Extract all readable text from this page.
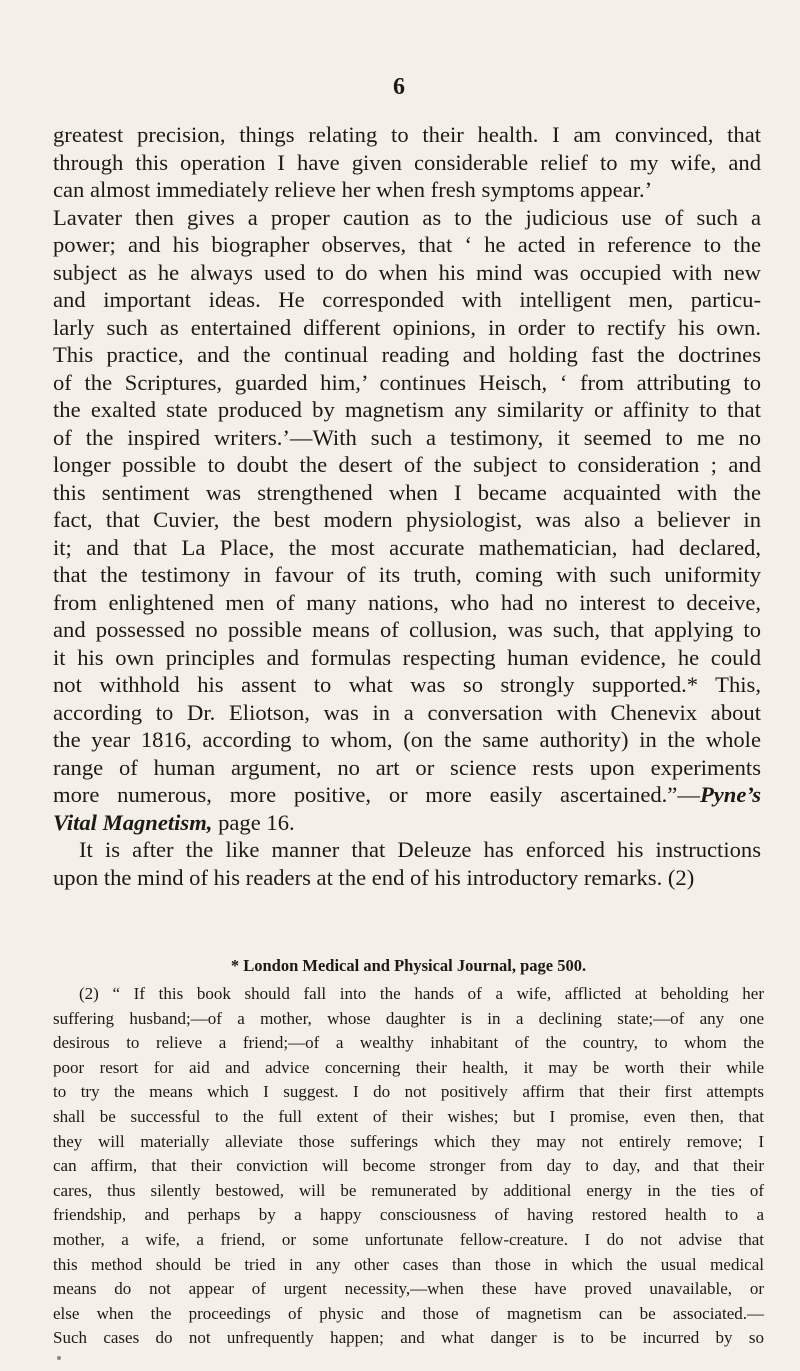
6
greatest precision, things relating to their health. I am convinced, that
through this operation I have given considerable relief to my wife, and
can almost immediately relieve her when fresh symptoms appear.’
Lavater then gives a proper caution as to the judicious use of such a
power; and his biographer observes, that ‘ he acted in reference to the
subject as he always used to do when his mind was occupied with new
and important ideas. He corresponded with intelligent men, particu-
larly such as entertained different opinions, in order to rectify his own.
This practice, and the continual reading and holding fast the doctrines
of the Scriptures, guarded him,’ continues Heisch, ‘ from attributing to
the exalted state produced by magnetism any similarity or affinity to that
of the inspired writers.’—With such a testimony, it seemed to me no
longer possible to doubt the desert of the subject to consideration ; and
this sentiment was strengthened when I became acquainted with the
fact, that Cuvier, the best modern physiologist, was also a believer in
it; and that La Place, the most accurate mathematician, had declared,
that the testimony in favour of its truth, coming with such uniformity
from enlightened men of many nations, who had no interest to deceive,
and possessed no possible means of collusion, was such, that applying to
it his own principles and formulas respecting human evidence, he could
not withhold his assent to what was so strongly supported.* This,
according to Dr. Eliotson, was in a conversation with Chenevix about
the year 1816, according to whom, (on the same authority) in the whole
range of human argument, no art or science rests upon experiments
more numerous, more positive, or more easily ascertained.”—Pyne’s
Vital Magnetism, page 16.
It is after the like manner that Deleuze has enforced his instructions
upon the mind of his readers at the end of his introductory remarks. (2)
* London Medical and Physical Journal, page 500.
(2) “ If this book should fall into the hands of a wife, afflicted at beholding her
suffering husband;—of a mother, whose daughter is in a declining state;—of any one
desirous to relieve a friend;—of a wealthy inhabitant of the country, to whom the
poor resort for aid and advice concerning their health, it may be worth their while
to try the means which I suggest. I do not positively affirm that their first attempts
shall be successful to the full extent of their wishes; but I promise, even then, that
they will materially alleviate those sufferings which they may not entirely remove; I
can affirm, that their conviction will become stronger from day to day, and that their
cares, thus silently bestowed, will be remunerated by additional energy in the ties of
friendship, and perhaps by a happy consciousness of having restored health to a
mother, a wife, a friend, or some unfortunate fellow-creature. I do not advise that
this method should be tried in any other cases than those in which the usual medical
means do not appear of urgent necessity,—when these have proved unavailable, or
else when the proceedings of physic and those of magnetism can be associated.—
Such cases do not unfrequently happen; and what danger is to be incurred by so
